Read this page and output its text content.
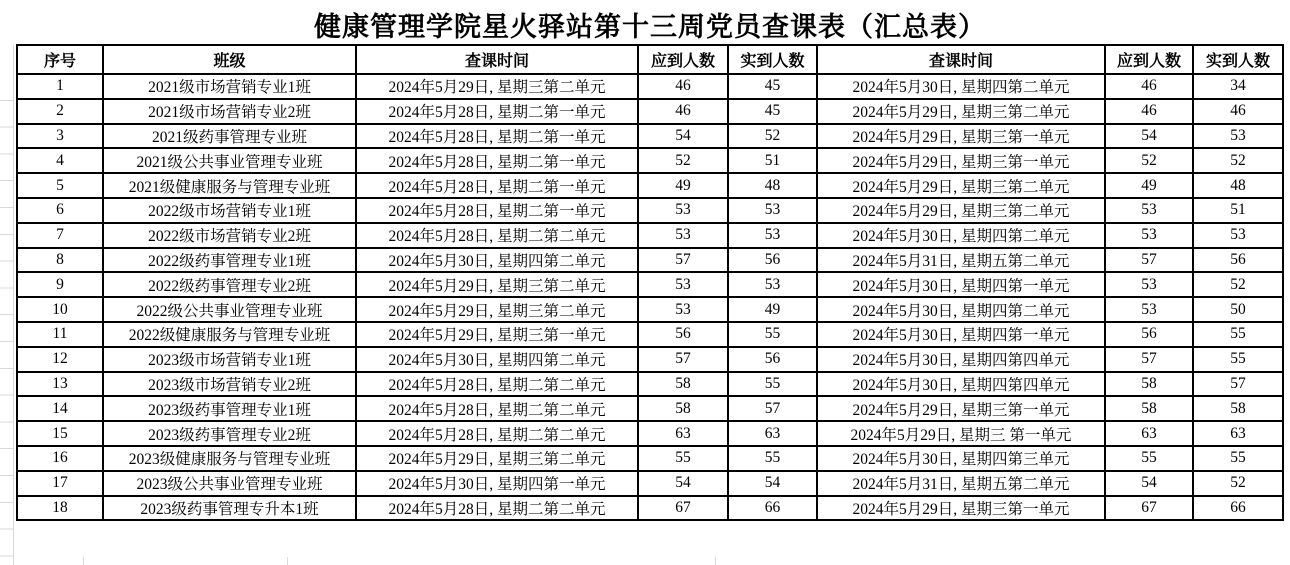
健康管理学院星火驿站第十三周党员查课表（汇总表）
序号	班级	查课时间	应到人数	实到人数	查课时间	应到人数	实到人数
1	2021级市场营销专业1班	2024年5月29日, 星期三第二单元	46	45	2024年5月30日, 星期四第二单元	46	34
2	2021级市场营销专业2班	2024年5月28日, 星期二第一单元	46	45	2024年5月29日, 星期三第二单元	46	46
3	2021级药事管理专业班	2024年5月28日, 星期二第一单元	54	52	2024年5月29日, 星期三第一单元	54	53
4	2021级公共事业管理专业班	2024年5月28日, 星期二第一单元	52	51	2024年5月29日, 星期三第一单元	52	52
5	2021级健康服务与管理专业班	2024年5月28日, 星期二第一单元	49	48	2024年5月29日, 星期三第二单元	49	48
6	2022级市场营销专业1班	2024年5月28日, 星期二第一单元	53	53	2024年5月29日, 星期三第二单元	53	51
7	2022级市场营销专业2班	2024年5月28日, 星期二第二单元	53	53	2024年5月30日, 星期四第二单元	53	53
8	2022级药事管理专业1班	2024年5月30日, 星期四第二单元	57	56	2024年5月31日, 星期五第二单元	57	56
9	2022级药事管理专业2班	2024年5月29日, 星期三第二单元	53	53	2024年5月30日, 星期四第一单元	53	52
10	2022级公共事业管理专业班	2024年5月29日, 星期三第二单元	53	49	2024年5月30日, 星期四第二单元	53	50
11	2022级健康服务与管理专业班	2024年5月29日, 星期三第一单元	56	55	2024年5月30日, 星期四第一单元	56	55
12	2023级市场营销专业1班	2024年5月30日, 星期四第二单元	57	56	2024年5月30日, 星期四第四单元	57	55
13	2023级市场营销专业2班	2024年5月28日, 星期二第二单元	58	55	2024年5月30日, 星期四第四单元	58	57
14	2023级药事管理专业1班	2024年5月28日, 星期二第二单元	58	57	2024年5月29日, 星期三第一单元	58	58
15	2023级药事管理专业2班	2024年5月28日, 星期二第二单元	63	63	2024年5月29日, 星期三 第一单元	63	63
16	2023级健康服务与管理专业班	2024年5月29日, 星期三第二单元	55	55	2024年5月30日, 星期四第三单元	55	55
17	2023级公共事业管理专业班	2024年5月30日, 星期四第一单元	54	54	2024年5月31日, 星期五第二单元	54	52
18	2023级药事管理专升本1班	2024年5月28日, 星期二第二单元	67	66	2024年5月29日, 星期三第一单元	67	66
